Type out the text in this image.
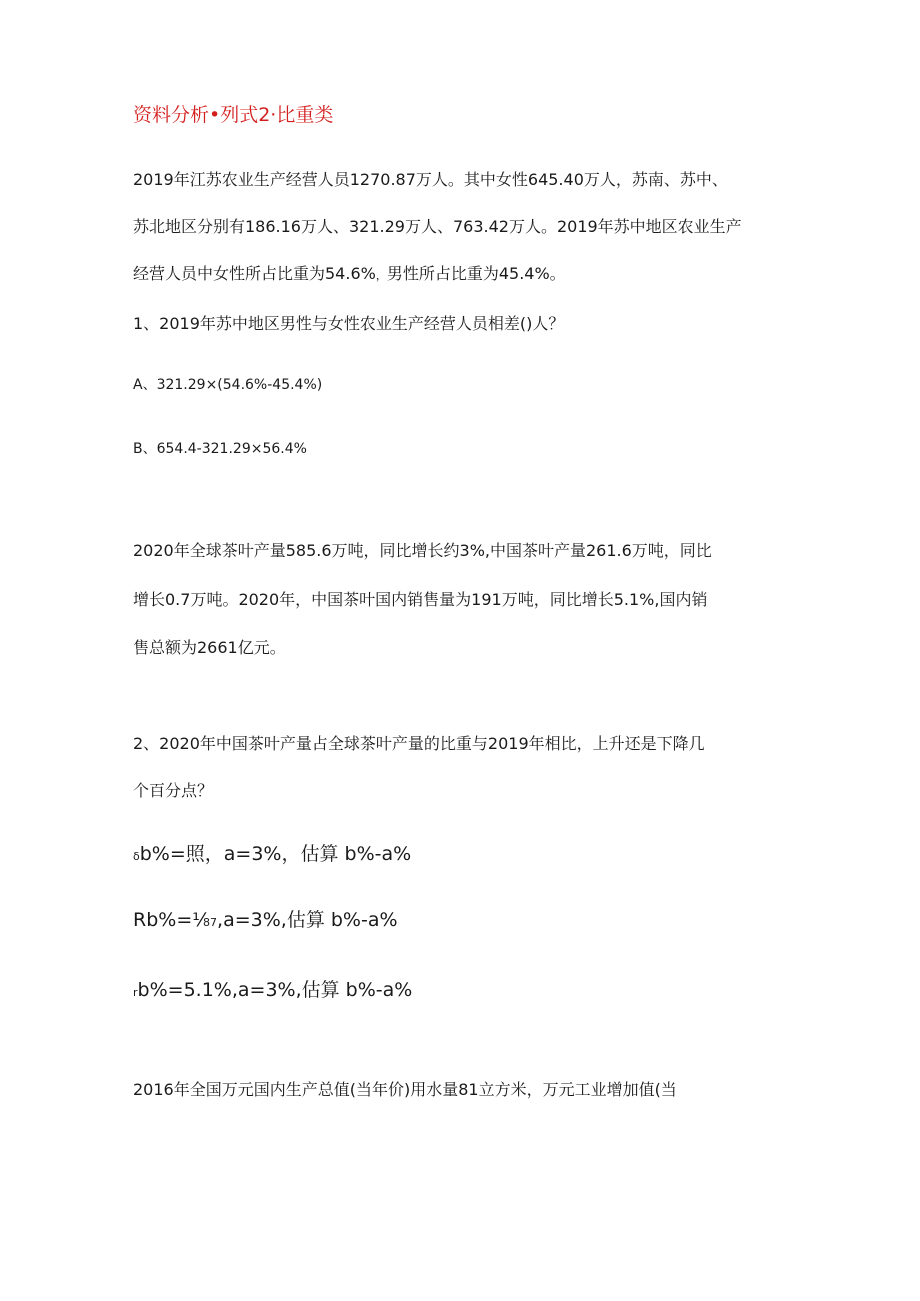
资料分析•列式2·比重类
2019年江苏农业生产经营人员1270.87万人。其中女性645.40万人，苏南、苏中、
苏北地区分别有186.16万人、321.29万人、763.42万人。2019年苏中地区农业生产
经营人员中女性所占比重为54.6%，男性所占比重为45.4%。
1、2019年苏中地区男性与女性农业生产经营人员相差()人？
A、321.29×(54.6%-45.4%)
B、654.4-321.29×56.4%
2020年全球茶叶产量585.6万吨，同比增长约3%,中国茶叶产量261.6万吨，同比
增长0.7万吨。2020年，中国茶叶国内销售量为191万吨，同比增长5.1%,国内销
售总额为2661亿元。
2、2020年中国茶叶产量占全球茶叶产量的比重与2019年相比，上升还是下降几
个百分点？
δb%=照，a=3%，估算 b%-a%
Rb%=⅟87,a=3%,估算 b%-a%
rb%=5.1%,a=3%,估算 b%-a%
2016年全国万元国内生产总值(当年价)用水量81立方米，万元工业增加值(当
